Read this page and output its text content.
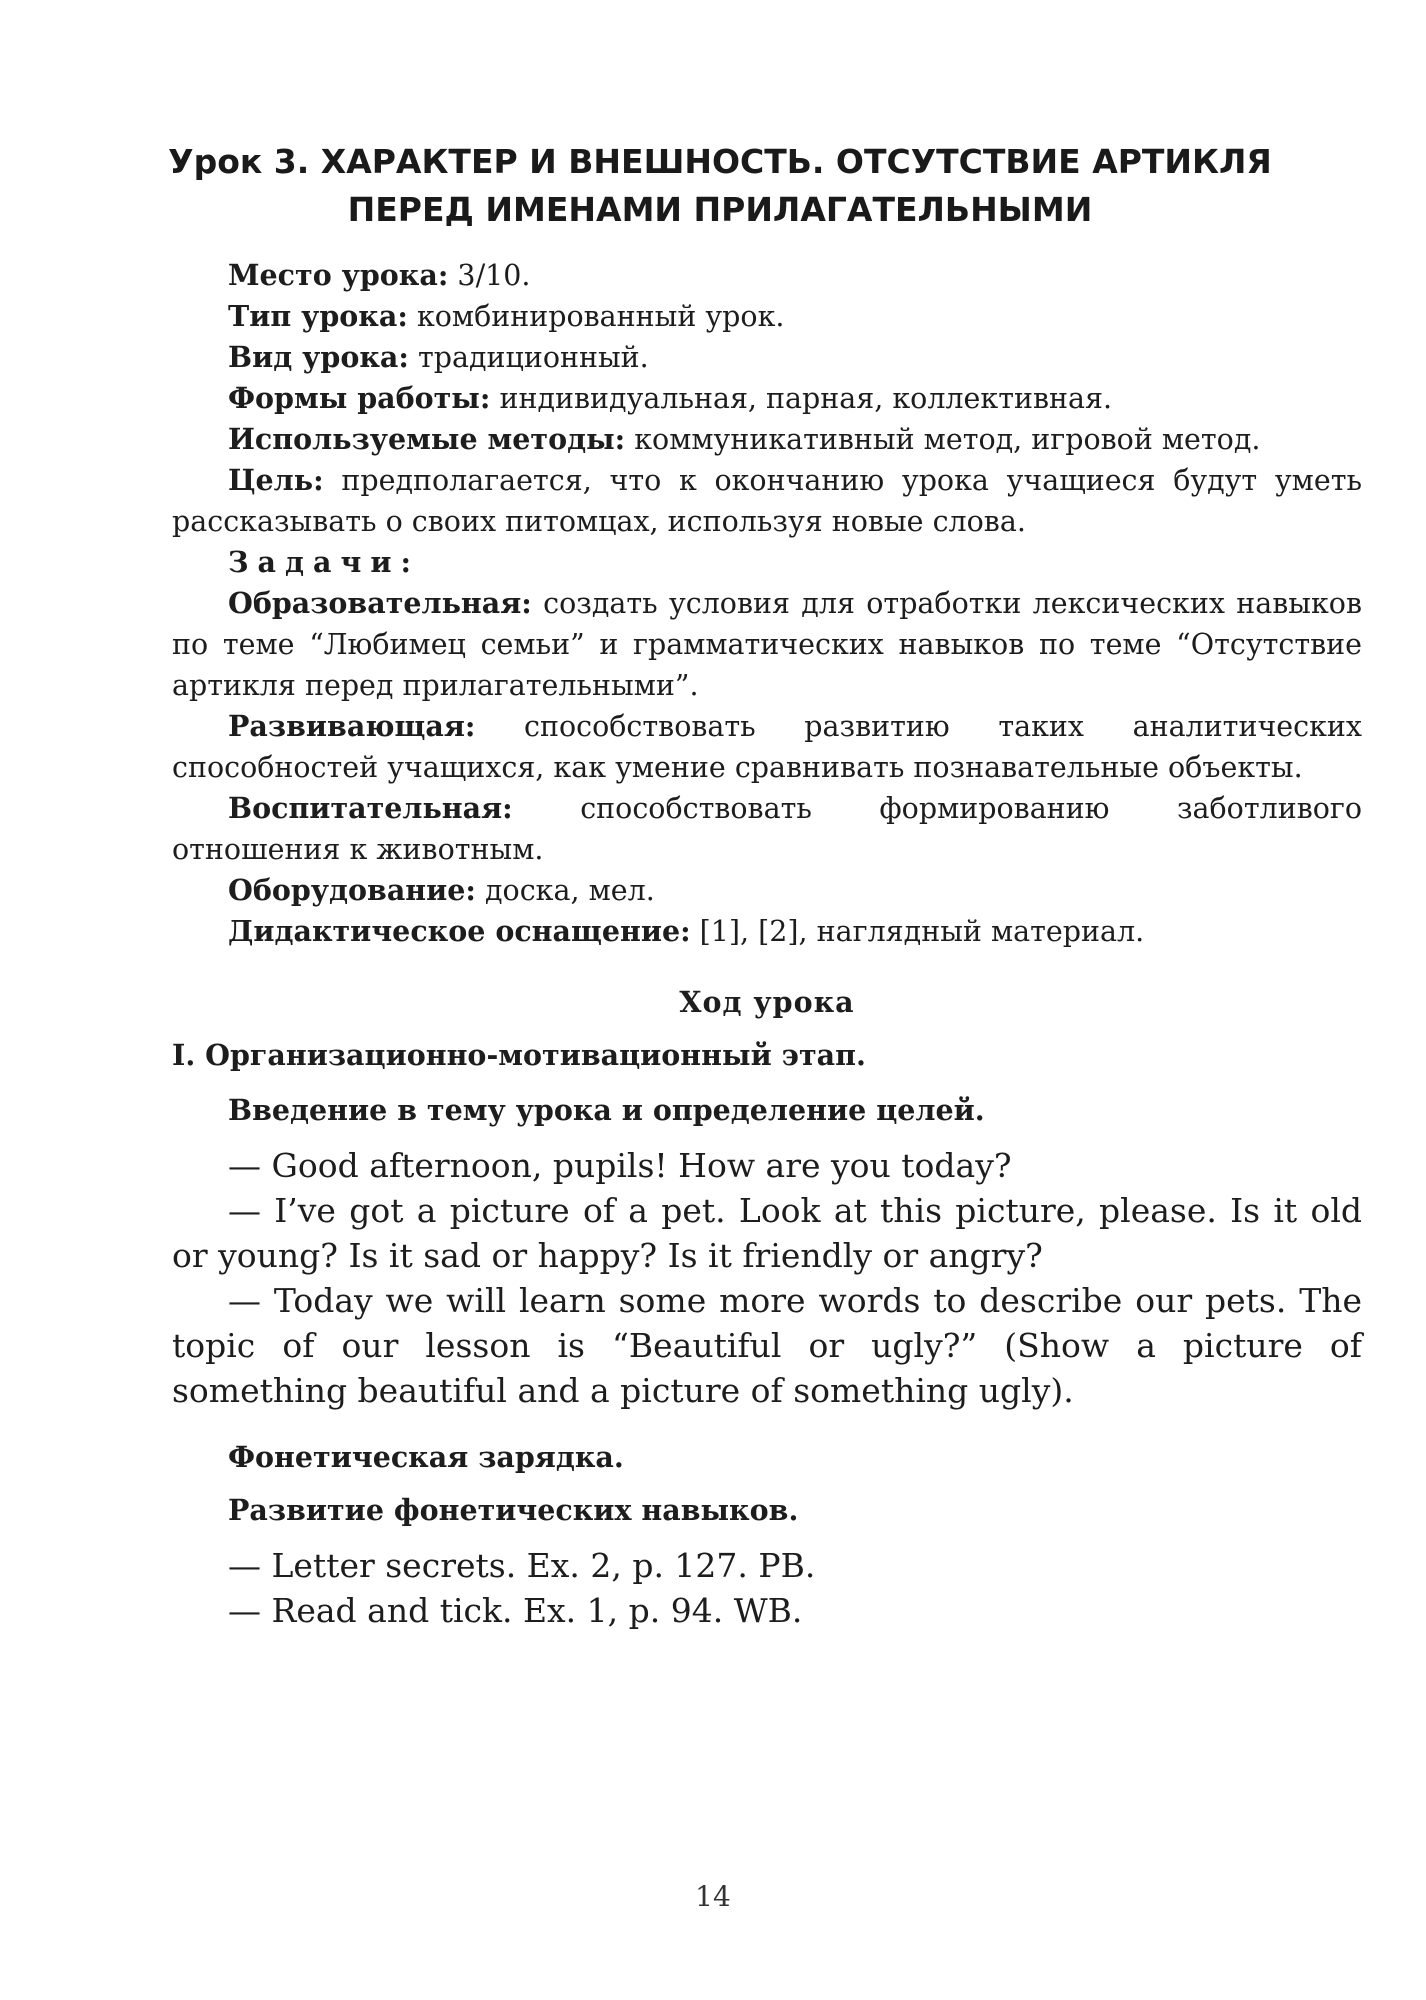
Урок 3. ХАРАКТЕР И ВНЕШНОСТЬ. ОТСУТСТВИЕ АРТИКЛЯ
ПЕРЕД ИМЕНАМИ ПРИЛАГАТЕЛЬНЫМИ

Место урока: 3/10.

Тип урока: комбинированный урок.

Вид урока: традиционный.

Формы работы: индивидуальная, парная, коллективная.

Используемые методы: коммуникативный метод, игровой метод.

Цель: предполагается, что к окончанию урока учащиеся будут уметь рассказывать о своих питомцах, используя новые слова.

Задачи:

Образовательная: создать условия для отработки лексических навыков по теме “Любимец семьи” и грамматических навыков по теме “Отсутствие артикля перед прилагательными”.

Развивающая: способствовать развитию таких аналитических способностей учащихся, как умение сравнивать познавательные объекты.

Воспитательная: способствовать формированию заботливого отношения к животным.

Оборудование: доска, мел.

Дидактическое оснащение: [1], [2], наглядный материал.

Ход урока

I. Организационно-мотивационный этап.

Введение в тему урока и определение целей.

— Good afternoon, pupils! How are you today?

— I’ve got a picture of a pet. Look at this picture, please. Is it old or young? Is it sad or happy? Is it friendly or angry?

— Today we will learn some more words to describe our pets. The topic of our lesson is “Beautiful or ugly?” (Show a picture of something beautiful and a picture of something ugly).

Фонетическая зарядка.

Развитие фонетических навыков.

— Letter secrets. Ex. 2, p. 127. PB.

— Read and tick. Ex. 1, p. 94. WB.

14
